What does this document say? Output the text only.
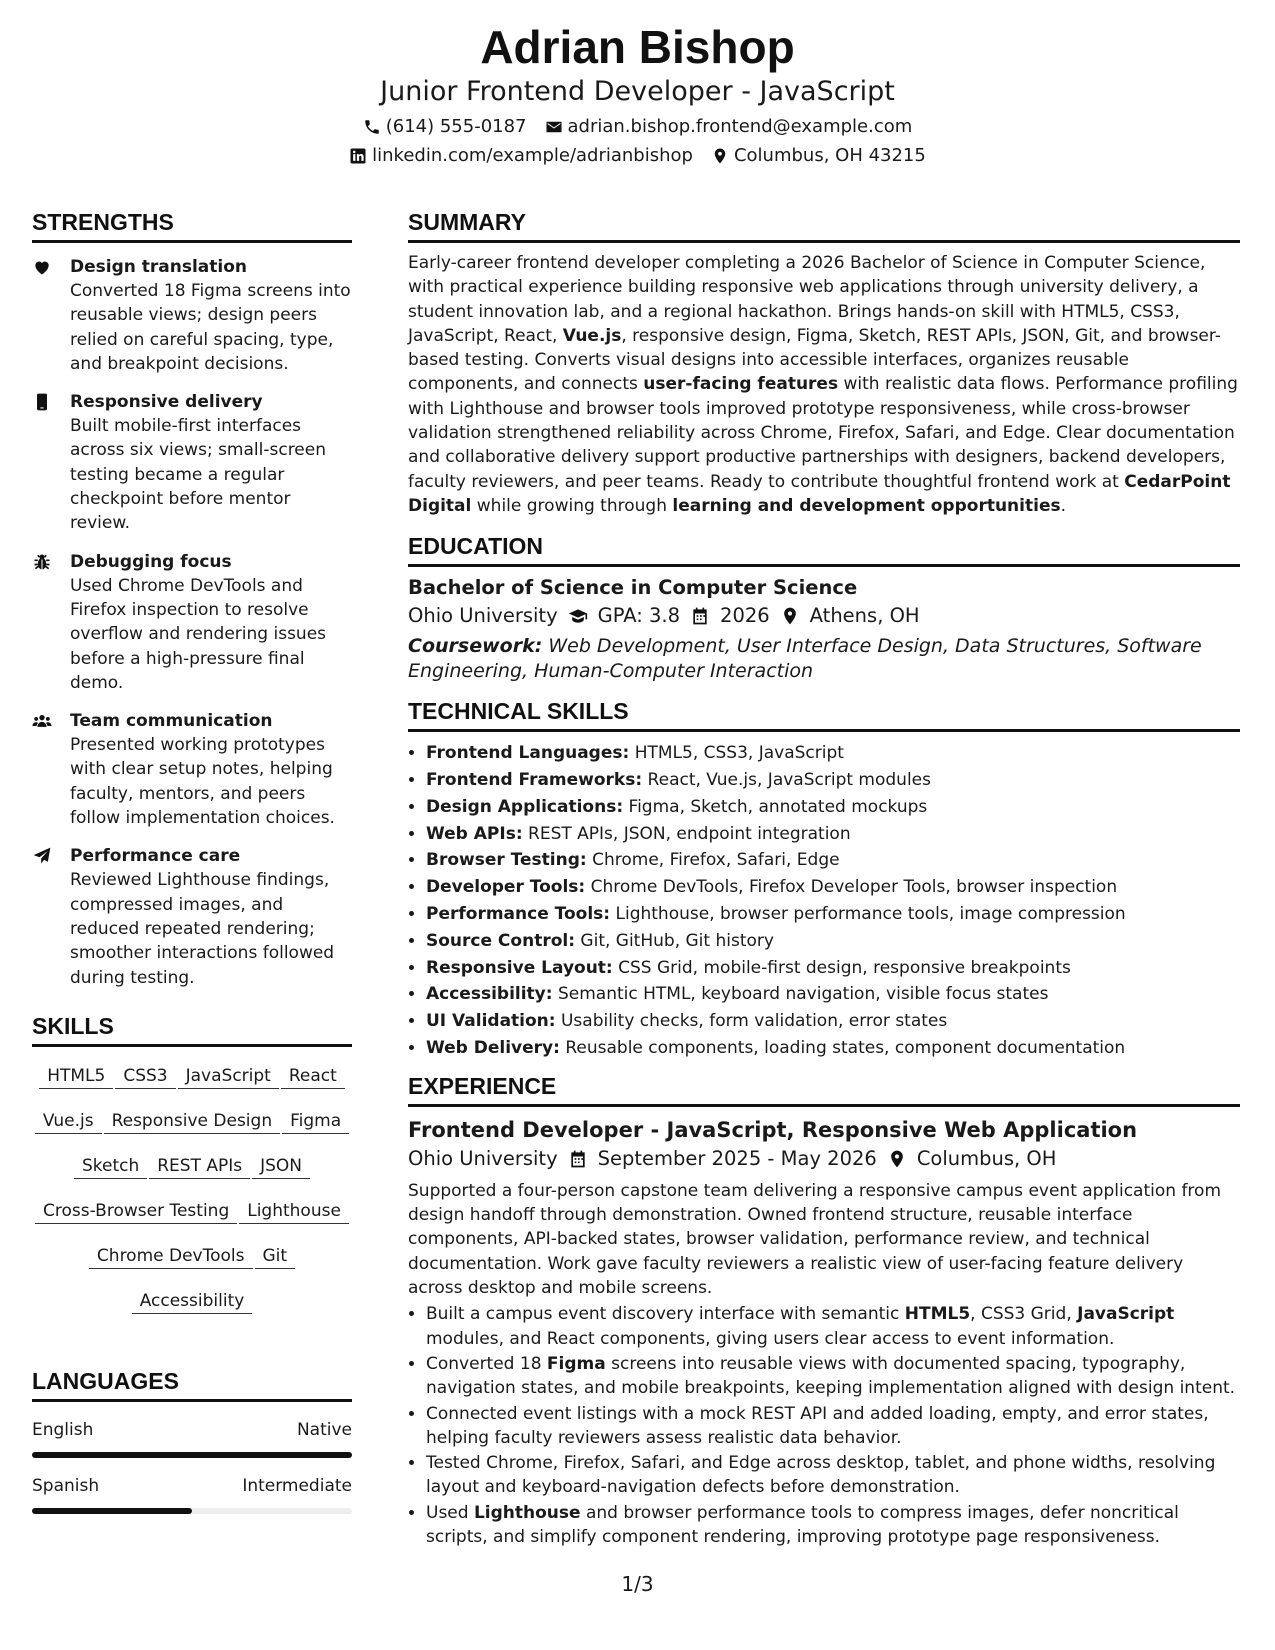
Adrian Bishop
Junior Frontend Developer - JavaScript
(614) 555-0187 adrian.bishop.frontend@example.com
linkedin.com/example/adrianbishop Columbus, OH 43215
STRENGTHS
Design translation
Converted 18 Figma screens into reusable views; design peers relied on careful spacing, type, and breakpoint decisions.
Responsive delivery
Built mobile-first interfaces across six views; small-screen testing became a regular checkpoint before mentor review.
Debugging focus
Used Chrome DevTools and Firefox inspection to resolve overflow and rendering issues before a high-pressure final demo.
Team communication
Presented working prototypes with clear setup notes, helping faculty, mentors, and peers follow implementation choices.
Performance care
Reviewed Lighthouse findings, compressed images, and reduced repeated rendering; smoother interactions followed during testing.
SKILLS
HTML5	CSS3	JavaScript	React
Vue.js	Responsive Design	Figma
Sketch	REST APIs	JSON
Cross-Browser Testing	Lighthouse
Chrome DevTools	Git
Accessibility
LANGUAGES
English	Native
Spanish	Intermediate
SUMMARY
Early-career frontend developer completing a 2026 Bachelor of Science in Computer Science, with practical experience building responsive web applications through university delivery, a student innovation lab, and a regional hackathon. Brings hands-on skill with HTML5, CSS3, JavaScript, React, Vue.js, responsive design, Figma, Sketch, REST APIs, JSON, Git, and browser-based testing. Converts visual designs into accessible interfaces, organizes reusable components, and connects user-facing features with realistic data flows. Performance profiling with Lighthouse and browser tools improved prototype responsiveness, while cross-browser validation strengthened reliability across Chrome, Firefox, Safari, and Edge. Clear documentation and collaborative delivery support productive partnerships with designers, backend developers, faculty reviewers, and peer teams. Ready to contribute thoughtful frontend work at CedarPoint Digital while growing through learning and development opportunities.
EDUCATION
Bachelor of Science in Computer Science
Ohio University GPA: 3.8 2026 Athens, OH
Coursework: Web Development, User Interface Design, Data Structures, Software Engineering, Human-Computer Interaction
TECHNICAL SKILLS
• Frontend Languages: HTML5, CSS3, JavaScript
• Frontend Frameworks: React, Vue.js, JavaScript modules
• Design Applications: Figma, Sketch, annotated mockups
• Web APIs: REST APIs, JSON, endpoint integration
• Browser Testing: Chrome, Firefox, Safari, Edge
• Developer Tools: Chrome DevTools, Firefox Developer Tools, browser inspection
• Performance Tools: Lighthouse, browser performance tools, image compression
• Source Control: Git, GitHub, Git history
• Responsive Layout: CSS Grid, mobile-first design, responsive breakpoints
• Accessibility: Semantic HTML, keyboard navigation, visible focus states
• UI Validation: Usability checks, form validation, error states
• Web Delivery: Reusable components, loading states, component documentation
EXPERIENCE
Frontend Developer - JavaScript, Responsive Web Application
Ohio University September 2025 - May 2026 Columbus, OH
Supported a four-person capstone team delivering a responsive campus event application from design handoff through demonstration. Owned frontend structure, reusable interface components, API-backed states, browser validation, performance review, and technical documentation. Work gave faculty reviewers a realistic view of user-facing feature delivery across desktop and mobile screens.
• Built a campus event discovery interface with semantic HTML5, CSS3 Grid, JavaScript modules, and React components, giving users clear access to event information.
• Converted 18 Figma screens into reusable views with documented spacing, typography, navigation states, and mobile breakpoints, keeping implementation aligned with design intent.
• Connected event listings with a mock REST API and added loading, empty, and error states, helping faculty reviewers assess realistic data behavior.
• Tested Chrome, Firefox, Safari, and Edge across desktop, tablet, and phone widths, resolving layout and keyboard-navigation defects before demonstration.
• Used Lighthouse and browser performance tools to compress images, defer noncritical scripts, and simplify component rendering, improving prototype page responsiveness.
1/3
